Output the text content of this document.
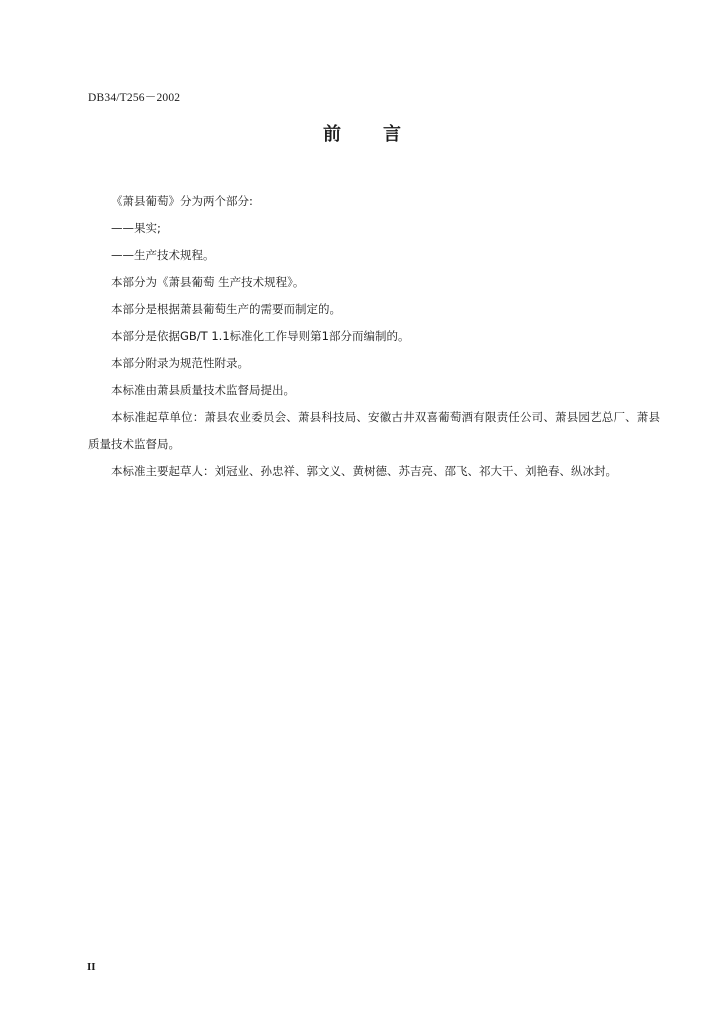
DB34/T256－2002
前 言

《萧县葡萄》分为两个部分:

——果实;

——生产技术规程。

本部分为《萧县葡萄 生产技术规程》。

本部分是根据萧县葡萄生产的需要而制定的。

本部分是依据GB/T 1.1标准化工作导则第1部分而编制的。

本部分附录为规范性附录。

本标准由萧县质量技术监督局提出。

本标准起草单位：萧县农业委员会、萧县科技局、安徽古井双喜葡萄酒有限责任公司、萧县园艺总厂、萧县质量技术监督局。

本标准主要起草人：刘冠业、孙忠祥、郭文义、黄树德、苏吉亮、邵飞、祁大干、刘艳春、纵冰封。

II
